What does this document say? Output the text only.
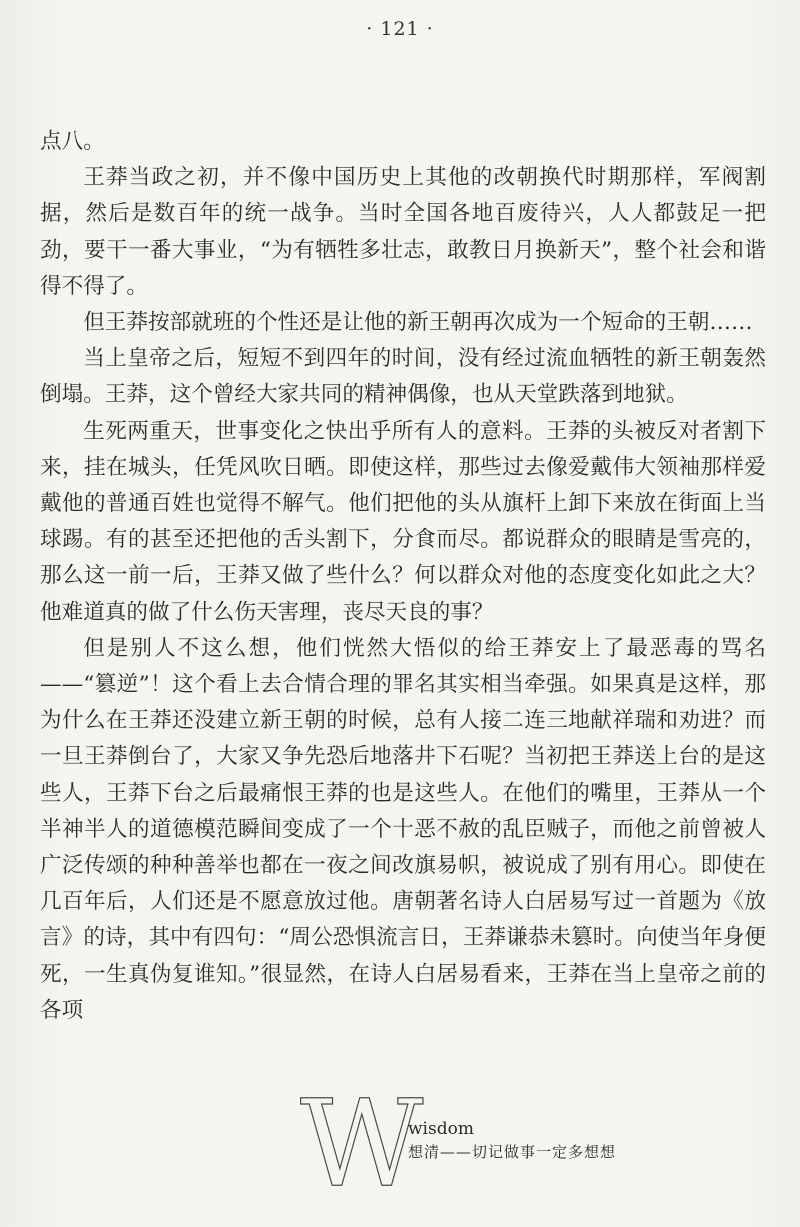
· 121 ·

点八。

王莽当政之初，并不像中国历史上其他的改朝换代时期那样，军阀割据，然后是数百年的统一战争。当时全国各地百废待兴，人人都鼓足一把劲，要干一番大事业，“为有牺牲多壮志，敢教日月换新天”，整个社会和谐得不得了。

但王莽按部就班的个性还是让他的新王朝再次成为一个短命的王朝……

当上皇帝之后，短短不到四年的时间，没有经过流血牺牲的新王朝轰然倒塌。王莽，这个曾经大家共同的精神偶像，也从天堂跌落到地狱。

生死两重天，世事变化之快出乎所有人的意料。王莽的头被反对者割下来，挂在城头，任凭风吹日晒。即使这样，那些过去像爱戴伟大领袖那样爱戴他的普通百姓也觉得不解气。他们把他的头从旗杆上卸下来放在街面上当球踢。有的甚至还把他的舌头割下，分食而尽。都说群众的眼睛是雪亮的，那么这一前一后，王莽又做了些什么？何以群众对他的态度变化如此之大？他难道真的做了什么伤天害理，丧尽天良的事？

但是别人不这么想，他们恍然大悟似的给王莽安上了最恶毒的骂名——“篡逆”！这个看上去合情合理的罪名其实相当牵强。如果真是这样，那为什么在王莽还没建立新王朝的时候，总有人接二连三地献祥瑞和劝进？而一旦王莽倒台了，大家又争先恐后地落井下石呢？当初把王莽送上台的是这些人，王莽下台之后最痛恨王莽的也是这些人。在他们的嘴里，王莽从一个半神半人的道德模范瞬间变成了一个十恶不赦的乱臣贼子，而他之前曾被人广泛传颂的种种善举也都在一夜之间改旗易帜，被说成了别有用心。即使在几百年后，人们还是不愿意放过他。唐朝著名诗人白居易写过一首题为《放言》的诗，其中有四句：“周公恐惧流言日，王莽谦恭未篡时。向使当年身便死，一生真伪复谁知。”很显然，在诗人白居易看来，王莽在当上皇帝之前的各项

W
wisdom
想清——切记做事一定多想想
